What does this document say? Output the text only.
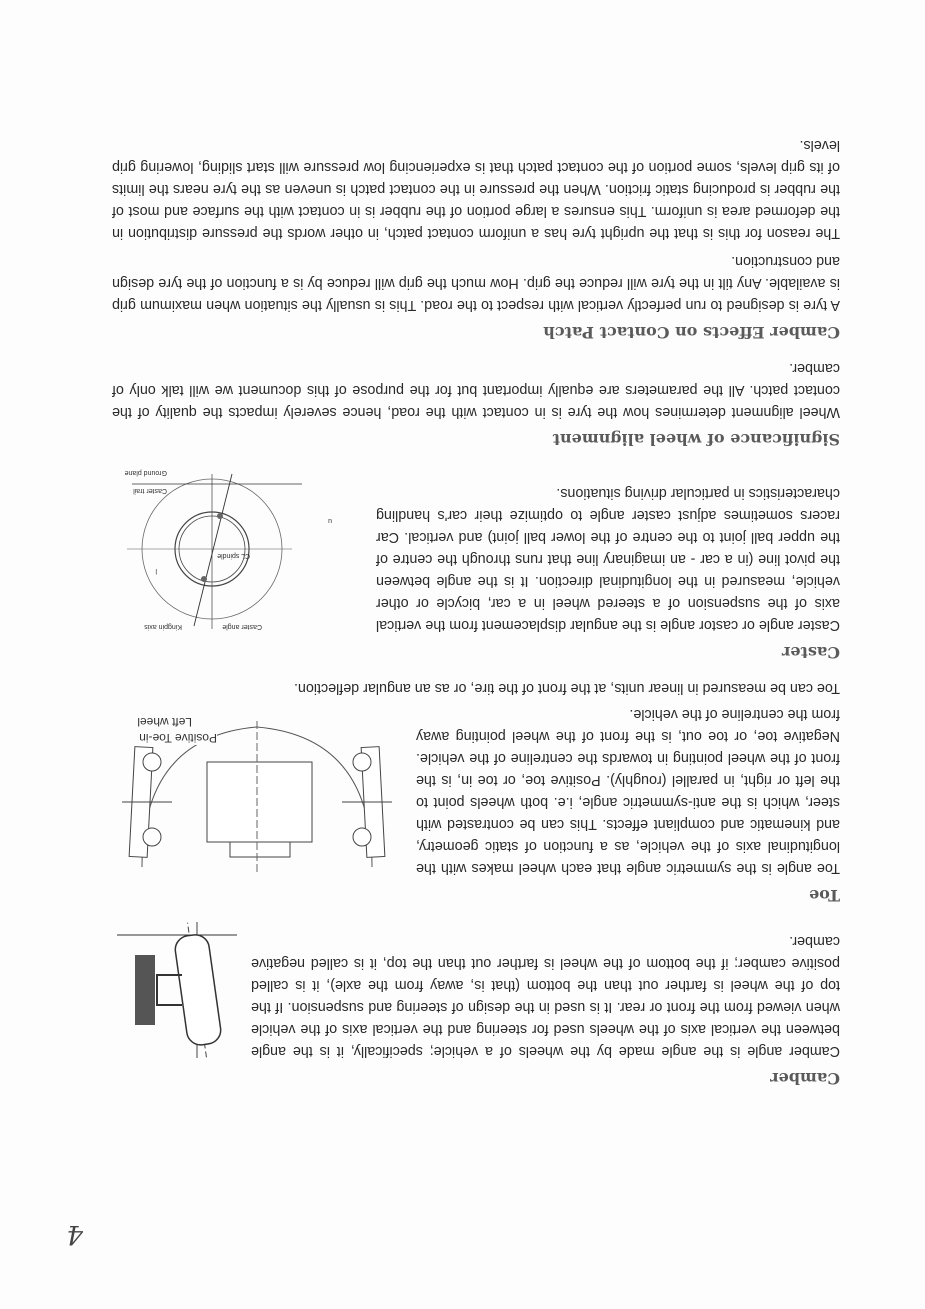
4
Camber

Camber angle is the angle made by the wheels of a vehicle; specifically, it is the angle between the vertical axis of the wheels used for steering and the vertical axis of the vehicle when viewed from the front or rear. It is used in the design of steering and suspension. If the top of the wheel is farther out than the bottom (that is, away from the axle), it is called positive camber; if the bottom of the wheel is farther out than the top, it is called negative camber.

Toe
Positive Toe-in
Left wheel

Toe angle is the symmetric angle that each wheel makes with the longitudinal axis of the vehicle, as a function of static geometry, and kinematic and compliant effects. This can be contrasted with steer, which is the anti-symmetric angle, i.e. both wheels point to the left or right, in parallel (roughly). Positive toe, or toe in, is the front of the wheel pointing in towards the centreline of the vehicle. Negative toe, or toe out, is the front of the wheel pointing away from the centreline of the vehicle.

Toe can be measured in linear units, at the front of the tire, or as an angular deflection.

Caster
Kingpin axis	Caster angle
CL spindle
l
u
Caster trail
Ground plane

Caster angle or castor angle is the angular displacement from the vertical axis of the suspension of a steered wheel in a car, bicycle or other vehicle, measured in the longitudinal direction. It is the angle between the pivot line (in a car - an imaginary line that runs through the centre of the upper ball joint to the centre of the lower ball joint) and vertical. Car racers sometimes adjust caster angle to optimize their car's handling characteristics in particular driving situations.

Significance of wheel alignment

Wheel alignment determines how the tyre is in contact with the road, hence severely impacts the quality of the contact patch. All the parameters are equally important but for the purpose of this document we will talk only of camber.

Camber Effects on Contact Patch

A tyre is designed to run perfectly vertical with respect to the road. This is usually the situation when maximum grip is available. Any tilt in the tyre will reduce the grip. How much the grip will reduce by is a function of the tyre design and construction.

The reason for this is that the upright tyre has a uniform contact patch, in other words the pressure distribution in the deformed area is uniform. This ensures a large portion of the rubber is in contact with the surface and most of the rubber is producing static friction. When the pressure in the contact patch is uneven as the tyre nears the limits of its grip levels, some portion of the contact patch that is experiencing low pressure will start sliding, lowering grip levels.
